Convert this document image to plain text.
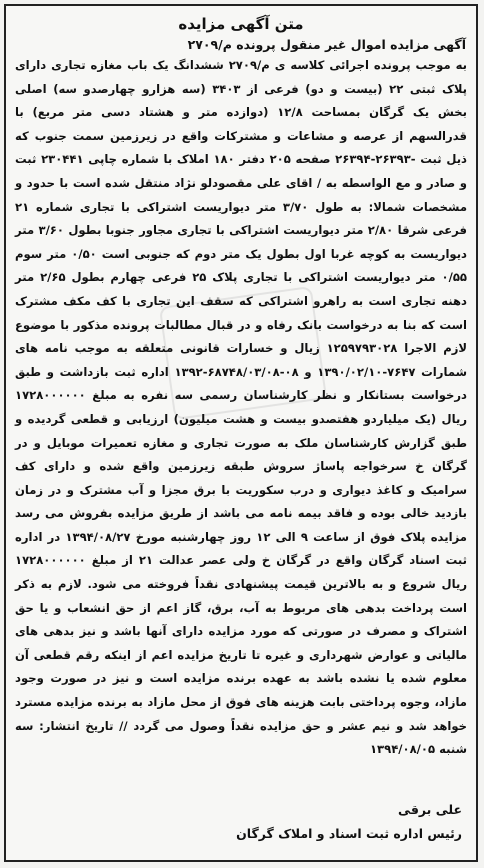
متن آگهی مزایده
آگهی مزایده اموال غیر منقول پرونده م/۲۷۰۹

به موجب پرونده اجرائی کلاسه ی م/۲۷۰۹ ششدانگ یک باب مغازه تجاری دارای پلاک ثبتی ۲۲ (بیست و دو) فرعی از ۳۴۰۳ (سه هزارو چهارصدو سه) اصلی بخش یک گرگان بمساحت ۱۲/۸ (دوازده متر و هشتاد دسی متر مربع) با قدرالسهم از عرصه و مشاعات و مشترکات واقع در زیرزمین سمت جنوب که ذیل ثبت -۲۶۳۹۳-۲۶۳۹۴ صفحه ۲۰۵ دفتر ۱۸۰ املاک با شماره چاپی ۲۳۰۴۴۱ ثبت و صادر و مع الواسطه به / اقای علی مقصودلو نژاد منتقل شده است با حدود و مشخصات شمالا: به طول ۳/۷۰ متر دیواریست اشتراکی با تجاری شماره ۲۱ فرعی شرقا ۲/۸۰ متر دیواریست اشتراکی با تجاری مجاور جنوبا بطول ۳/۶۰ متر دیواریست به کوچه غربا اول بطول یک متر دوم که جنوبی است ۰/۵۰ متر سوم ۰/۵۵ متر دیواریست اشتراکی با تجاری پلاک ۲۵ فرعی چهارم بطول ۲/۶۵ متر دهنه تجاری است به راهرو اشتراکی که سقف این تجاری با کف مکف مشترک است که بنا به درخواست بانک رفاه و در قبال مطالبات پرونده مذکور با موضوع لازم الاجرا ۱۲۵۹۷۹۳۰۲۸ زیال و خسارات قانونی متعلقه به موجب نامه های شمارات ۷۶۴۷-۱۳۹۰/۰۲/۱۰ و ۰۸-۶۸۷۴۸/۰۳/۰۸-۱۳۹۲ اداره ثبت بازداشت و طبق درخواست بستانکار و نظر کارشناسان رسمی سه نفره به مبلغ ۱۷۲۸۰۰۰۰۰۰ ریال (یک میلیاردو هفتصدو بیست و هشت میلیون) ارزیابی و قطعی گردیده و طبق گزارش کارشناسان ملک به صورت تجاری و مغازه تعمیرات موبایل و در گرگان خ سرخواجه پاساژ سروش طبقه زیرزمین واقع شده و دارای کف سرامیک و کاغذ دیواری و درب سکوریت با برق مجزا و آب مشترک و در زمان بازدید خالی بوده و فاقد بیمه نامه می باشد از طریق مزایده بفروش می رسد مزایده پلاک فوق از ساعت ۹ الی ۱۲ روز چهارشنبه مورخ ۱۳۹۴/۰۸/۲۷ در اداره ثبت اسناد گرگان واقع در گرگان خ ولی عصر عدالت ۲۱ از مبلغ ۱۷۲۸۰۰۰۰۰۰ ریال شروع و به بالاترین قیمت پیشنهادی نقداً فروخته می شود. لازم به ذکر است پرداخت بدهی های مربوط به آب، برق، گاز اعم از حق انشعاب و یا حق اشتراک و مصرف در صورتی که مورد مزایده دارای آنها باشد و نیز بدهی های مالیاتی و عوارض شهرداری و غیره تا تاریخ مزایده اعم از اینکه رقم قطعی آن معلوم شده یا نشده باشد به عهده برنده مزایده است و نیز در صورت وجود مازاد، وجوه پرداختی بابت هزینه های فوق از محل مازاد به برنده مزایده مسترد خواهد شد و نیم عشر و حق مزایده نقداً وصول می گردد // تاریخ انتشار: سه شنبه ۱۳۹۴/۰۸/۰۵

علی برقی
رئیس اداره ثبت اسناد و املاک گرگان
